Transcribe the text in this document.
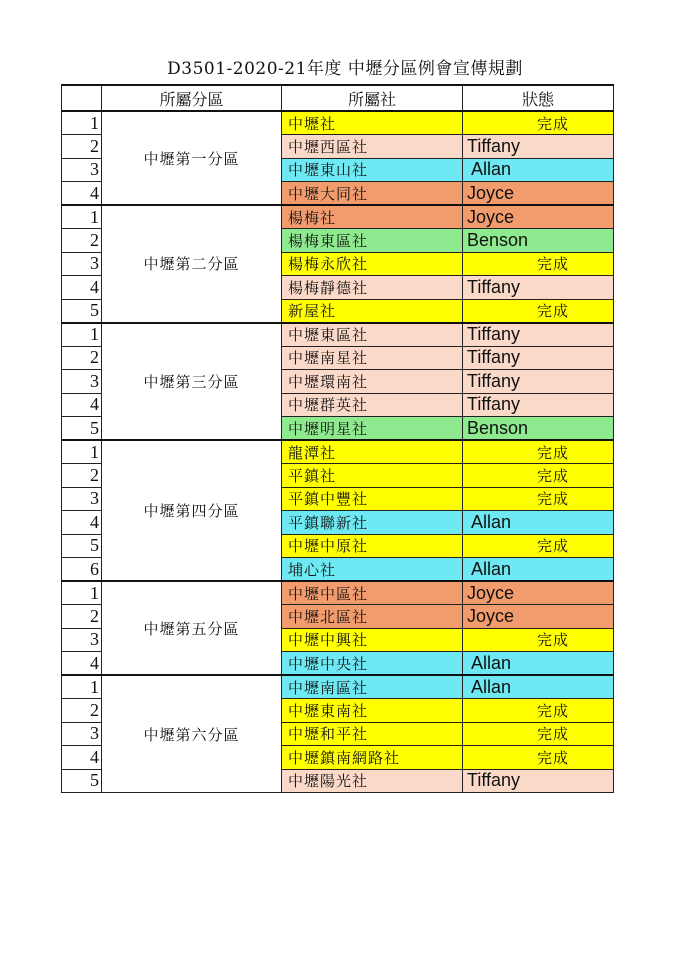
D3501-2020-21年度 中壢分區例會宣傳規劃
	所屬分區	所屬社	狀態
1	中壢第一分區	中壢社	完成
2		中壢西區社	Tiffany
3		中壢東山社	Allan
4		中壢大同社	Joyce
1	中壢第二分區	楊梅社	Joyce
2		楊梅東區社	Benson
3		楊梅永欣社	完成
4		楊梅靜德社	Tiffany
5		新屋社	完成
1	中壢第三分區	中壢東區社	Tiffany
2		中壢南星社	Tiffany
3		中壢環南社	Tiffany
4		中壢群英社	Tiffany
5		中壢明星社	Benson
1	中壢第四分區	龍潭社	完成
2		平鎮社	完成
3		平鎮中豐社	完成
4		平鎮聯新社	Allan
5		中壢中原社	完成
6		埔心社	Allan
1	中壢第五分區	中壢中區社	Joyce
2		中壢北區社	Joyce
3		中壢中興社	完成
4		中壢中央社	Allan
1	中壢第六分區	中壢南區社	Allan
2		中壢東南社	完成
3		中壢和平社	完成
4		中壢鎮南網路社	完成
5		中壢陽光社	Tiffany
